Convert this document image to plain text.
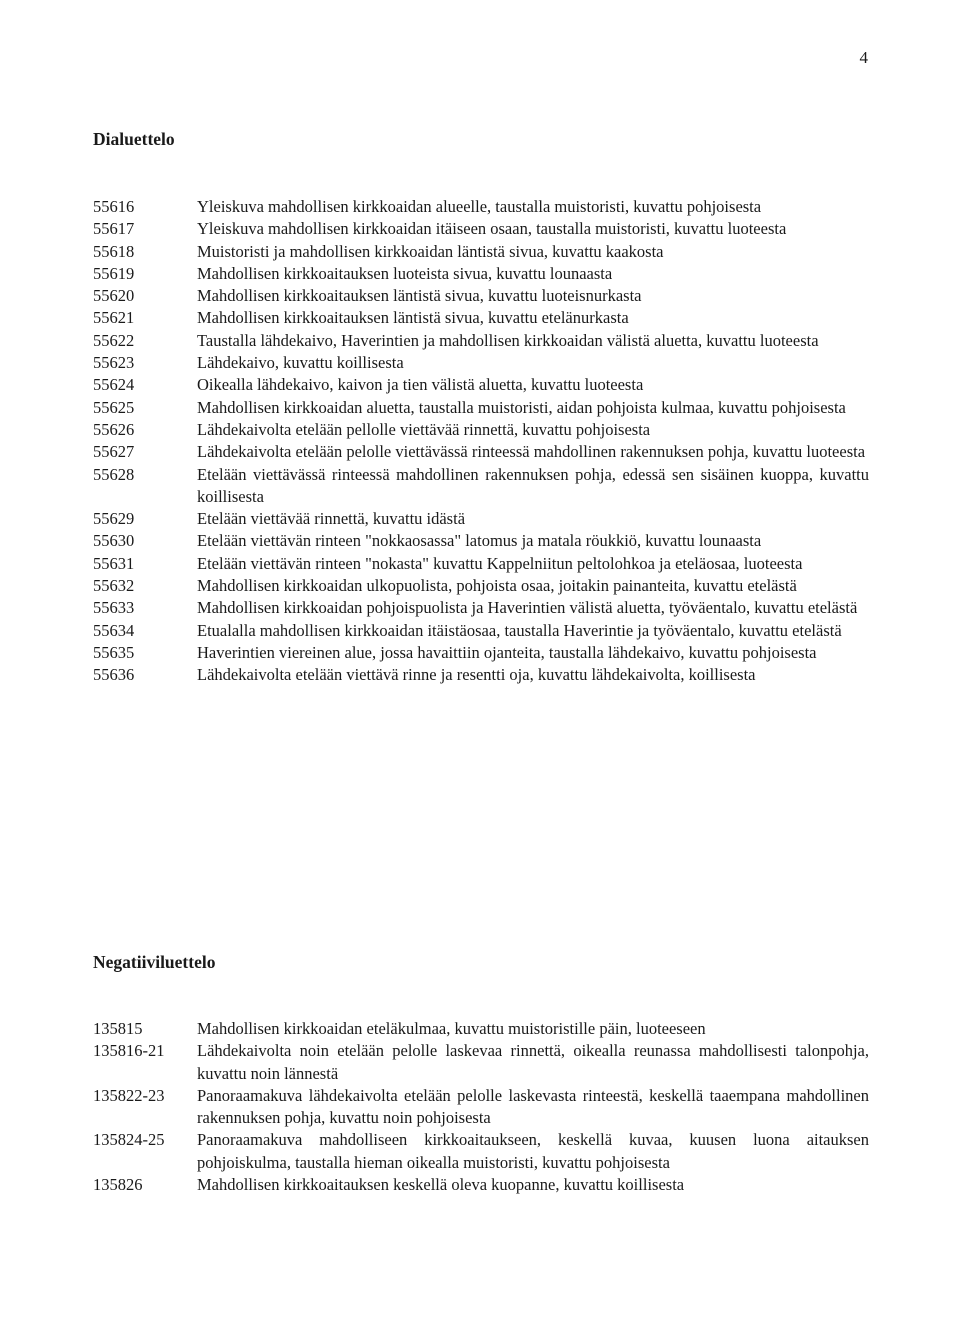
4
Dialuettelo
55616	Yleiskuva mahdollisen kirkkoaidan alueelle, taustalla muistoristi, kuvattu pohjoisesta
55617	Yleiskuva mahdollisen kirkkoaidan itäiseen osaan, taustalla muistoristi, kuvattu luoteesta
55618	Muistoristi ja mahdollisen kirkkoaidan läntistä sivua, kuvattu kaakosta
55619	Mahdollisen kirkkoaitauksen luoteista sivua, kuvattu lounaasta
55620	Mahdollisen kirkkoaitauksen läntistä sivua, kuvattu luoteisnurkasta
55621	Mahdollisen kirkkoaitauksen läntistä sivua, kuvattu etelänurkasta
55622	Taustalla lähdekaivo, Haverintien ja mahdollisen kirkkoaidan välistä aluetta, kuvattu luoteesta
55623	Lähdekaivo, kuvattu koillisesta
55624	Oikealla lähdekaivo, kaivon ja tien välistä aluetta, kuvattu luoteesta
55625	Mahdollisen kirkkoaidan aluetta, taustalla muistoristi, aidan pohjoista kulmaa, kuvattu pohjoisesta
55626	Lähdekaivolta etelään pellolle viettävää rinnettä, kuvattu pohjoisesta
55627	Lähdekaivolta etelään pelolle viettävässä rinteessä mahdollinen rakennuksen pohja, kuvattu luoteesta
55628	Etelään viettävässä rinteessä mahdollinen rakennuksen pohja, edessä sen sisäinen kuoppa, kuvattu koillisesta
55629	Etelään viettävää rinnettä, kuvattu idästä
55630	Etelään viettävän rinteen "nokkaosassa" latomus ja matala röukkiö, kuvattu lounaasta
55631	Etelään viettävän rinteen "nokasta" kuvattu Kappelniitun peltolohkoa ja eteläosaa, luoteesta
55632	Mahdollisen kirkkoaidan ulkopuolista, pohjoista osaa, joitakin painanteita, kuvattu etelästä
55633	Mahdollisen kirkkoaidan pohjoispuolista ja Haverintien välistä aluetta, työväentalo, kuvattu etelästä
55634	Etualalla mahdollisen kirkkoaidan itäistäosaa, taustalla Haverintie ja työväentalo, kuvattu etelästä
55635	Haverintien viereinen alue, jossa havaittiin ojanteita, taustalla lähdekaivo, kuvattu pohjoisesta
55636	Lähdekaivolta etelään viettävä rinne ja resentti oja, kuvattu lähdekaivolta, koillisesta
Negatiiviluettelo
135815	Mahdollisen kirkkoaidan eteläkulmaa, kuvattu muistoristille päin, luoteeseen
135816-21	Lähdekaivolta noin etelään pelolle laskevaa rinnettä, oikealla reunassa mahdollisesti talonpohja, kuvattu noin lännestä
135822-23	Panoraamakuva lähdekaivolta etelään pelolle laskevasta rinteestä, keskellä taaempana mahdollinen rakennuksen pohja, kuvattu noin pohjoisesta
135824-25	Panoraamakuva mahdolliseen kirkkoaitaukseen, keskellä kuvaa, kuusen luona aitauksen pohjoiskulma, taustalla hieman oikealla muistoristi, kuvattu pohjoisesta
135826	Mahdollisen kirkkoaitauksen keskellä oleva kuopanne, kuvattu koillisesta
